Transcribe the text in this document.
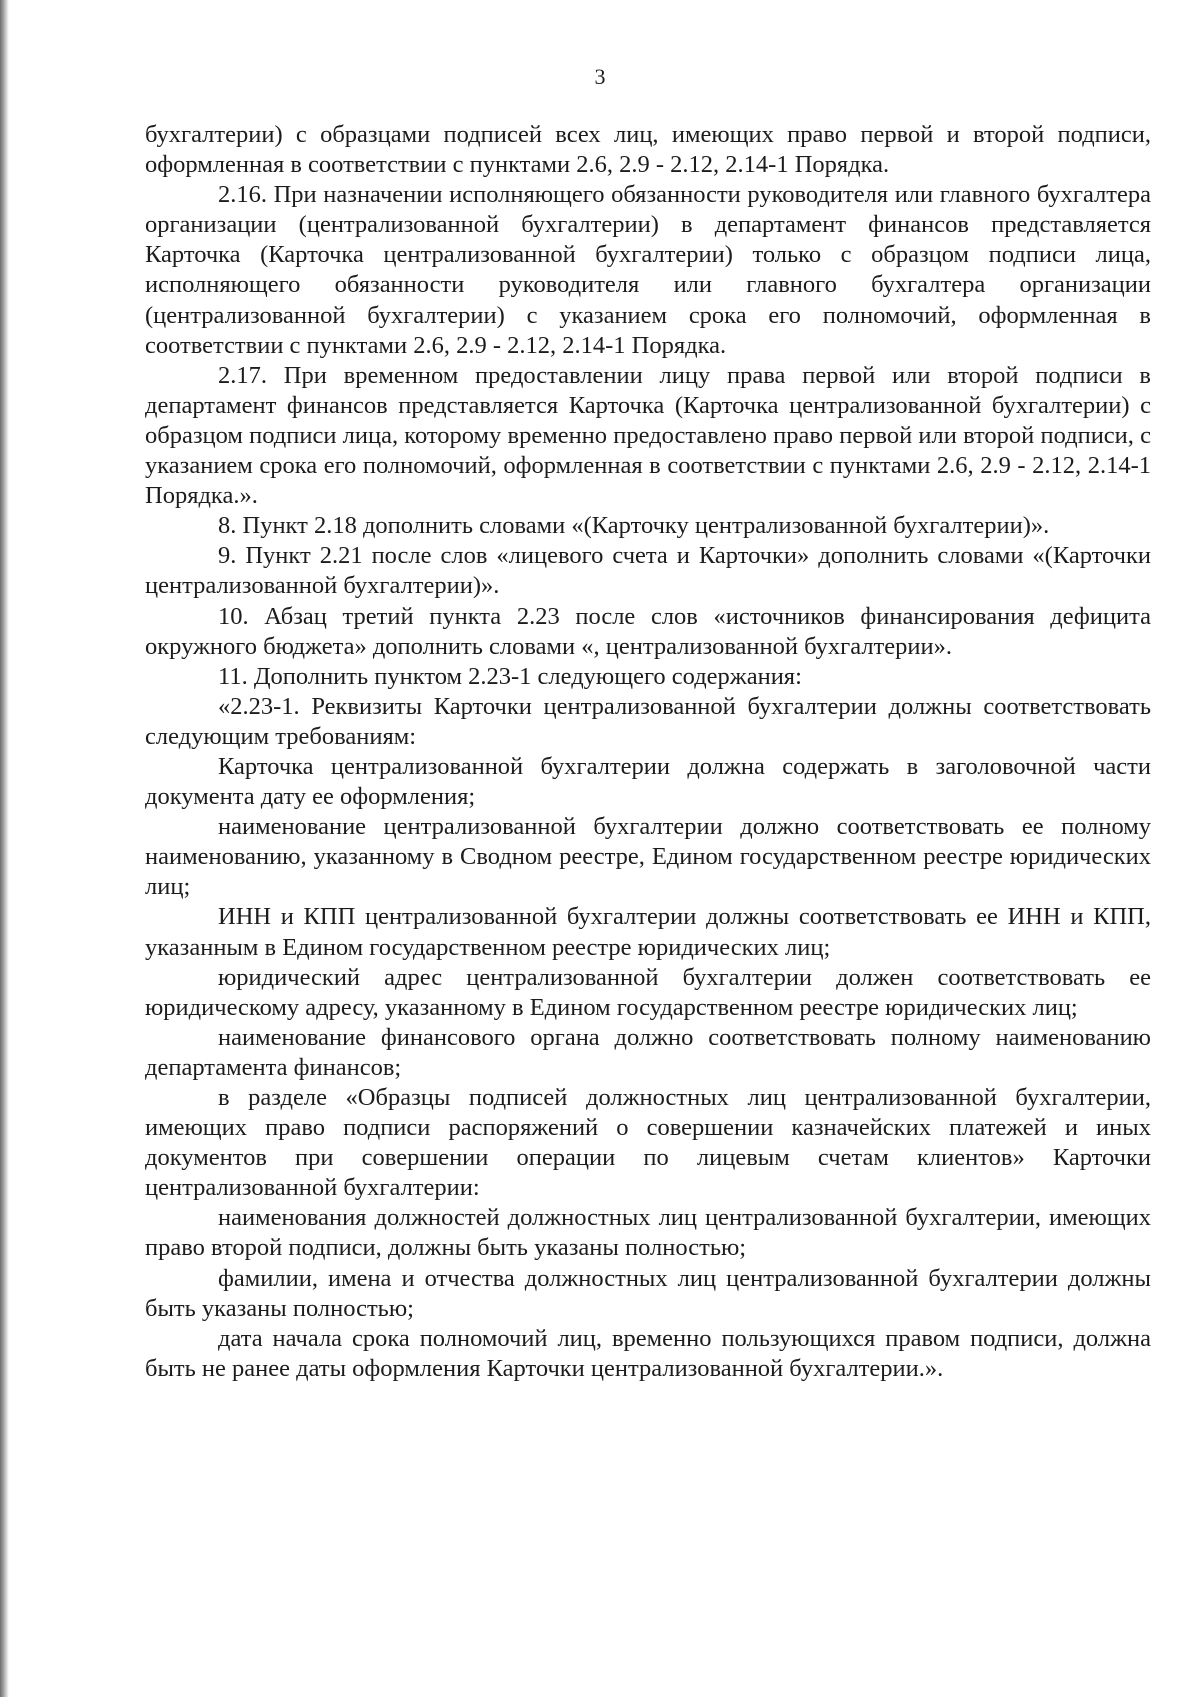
3

бухгалтерии) с образцами подписей всех лиц, имеющих право первой и второй подписи, оформленная в соответствии с пунктами 2.6, 2.9 - 2.12, 2.14-1 Порядка.

2.16. При назначении исполняющего обязанности руководителя или главного бухгалтера организации (централизованной бухгалтерии) в департамент финансов представляется Карточка (Карточка централизованной бухгалтерии) только с образцом подписи лица, исполняющего обязанности руководителя или главного бухгалтера организации (централизованной бухгалтерии) с указанием срока его полномочий, оформленная в соответствии с пунктами 2.6, 2.9 - 2.12, 2.14-1 Порядка.

2.17. При временном предоставлении лицу права первой или второй подписи в департамент финансов представляется Карточка (Карточка централизованной бухгалтерии) с образцом подписи лица, которому временно предоставлено право первой или второй подписи, с указанием срока его полномочий, оформленная в соответствии с пунктами 2.6, 2.9 - 2.12, 2.14-1 Порядка.».

8. Пункт 2.18 дополнить словами «(Карточку централизованной бухгалтерии)».

9. Пункт 2.21 после слов «лицевого счета и Карточки» дополнить словами «(Карточки централизованной бухгалтерии)».

10. Абзац третий пункта 2.23 после слов «источников финансирования дефицита окружного бюджета» дополнить словами «, централизованной бухгалтерии».

11. Дополнить пунктом 2.23-1 следующего содержания:

«2.23-1. Реквизиты Карточки централизованной бухгалтерии должны соответствовать следующим требованиям:

Карточка централизованной бухгалтерии должна содержать в заголовочной части документа дату ее оформления;

наименование централизованной бухгалтерии должно соответствовать ее полному наименованию, указанному в Сводном реестре, Едином государственном реестре юридических лиц;

ИНН и КПП централизованной бухгалтерии должны соответствовать ее ИНН и КПП, указанным в Едином государственном реестре юридических лиц;

юридический адрес централизованной бухгалтерии должен соответствовать ее юридическому адресу, указанному в Едином государственном реестре юридических лиц;

наименование финансового органа должно соответствовать полному наименованию департамента финансов;

в разделе «Образцы подписей должностных лиц централизованной бухгалтерии, имеющих право подписи распоряжений о совершении казначейских платежей и иных документов при совершении операции по лицевым счетам клиентов» Карточки централизованной бухгалтерии:

наименования должностей должностных лиц централизованной бухгалтерии, имеющих право второй подписи, должны быть указаны полностью;

фамилии, имена и отчества должностных лиц централизованной бухгалтерии должны быть указаны полностью;

дата начала срока полномочий лиц, временно пользующихся правом подписи, должна быть не ранее даты оформления Карточки централизованной бухгалтерии.».
